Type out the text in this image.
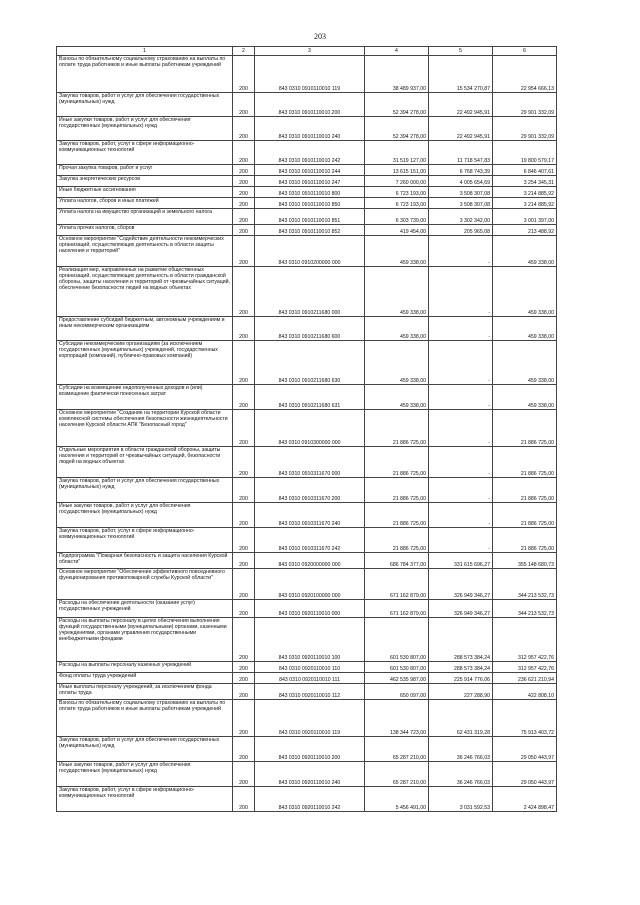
203
1	2	3	4	5	6
Взносы по обязательному социальному страхованию на выплаты по оплате труда работников и иные выплаты работникам учреждений	200	843 0310 0910110010 119	38 489 937,00	15 534 270,87	22 954 666,13
Закупка товаров, работ и услуг для обеспечения государственных (муниципальных) нужд	200	843 0310 0910110010 200	52 394 278,00	22 492 945,91	29 901 332,09
Иные закупки товаров, работ и услуг для обеспечения государственных (муниципальных) нужд	200	843 0310 0910110010 240	52 394 278,00	22 492 945,91	29 901 332,09
Закупка товаров, работ, услуг в сфере информационно-коммуникационных технологий	200	843 0310 0910110010 242	31 519 127,00	11 718 547,83	19 800 579,17
Прочая закупка товаров, работ и услуг	200	843 0310 0910110010 244	13 615 151,00	6 768 743,39	6 846 407,61
Закупка энергетических ресурсов	200	843 0310 0910110010 247	7 260 000,00	4 005 654,69	3 254 345,31
Иные бюджетные ассигнования	200	843 0310 0910110010 800	6 723 193,00	3 508 307,08	3 214 885,92
Уплата налогов, сборов и иных платежей	200	843 0310 0910110010 850	6 723 193,00	3 508 307,08	3 214 885,92
Уплата налога на имущество организаций и земельного налога	200	843 0310 0910110010 851	6 303 739,00	3 302 342,00	3 001 397,00
Уплата прочих налогов, сборов	200	843 0310 0910110010 852	419 454,00	205 965,08	213 488,92
Основное мероприятие "Содействие деятельности некоммерческих организаций, осуществляющих деятельность в области защиты населения и территорий"	200	843 0310 0910200000 000	459 338,00	-	459 338,00
Реализация мер, направленных на развитие общественных организаций, осуществляющих деятельность в области гражданской обороны, защиты населения и территорий от чрезвычайных ситуаций, обеспечение безопасности людей на водных объектах	200	843 0310 0910211680 000	459 338,00	-	459 338,00
Предоставление субсидий бюджетным, автономным учреждениям и иным некоммерческим организациям	200	843 0310 0910211680 600	459 338,00	-	459 338,00
Субсидии некоммерческим организациям (за исключением государственных (муниципальных) учреждений, государственных корпораций (компаний), публично-правовых компаний)	200	843 0310 0910211680 630	459 338,00	-	459 338,00
Субсидии на возмещение недополученных доходов и (или) возмещение фактически понесенных затрат	200	843 0310 0910211680 631	459 338,00	-	459 338,00
Основное мероприятие "Создание на территории Курской области комплексной системы обеспечения безопасности жизнедеятельности населения Курской области АПК "Безопасный город"	200	843 0310 0910300000 000	21 886 725,00	-	21 886 725,00
Отдельные мероприятия в области гражданской обороны, защиты населения и территорий от чрезвычайных ситуаций, безопасности людей на водных объектах	200	843 0310 0910311670 000	21 886 725,00	-	21 886 725,00
Закупка товаров, работ и услуг для обеспечения государственных (муниципальных) нужд	200	843 0310 0910311670 200	21 886 725,00	-	21 886 725,00
Иные закупки товаров, работ и услуг для обеспечения государственных (муниципальных) нужд	200	843 0310 0910311670 240	21 886 725,00	-	21 886 725,00
Закупка товаров, работ, услуг в сфере информационно-коммуникационных технологий	200	843 0310 0910311670 242	21 886 725,00	-	21 886 725,00
Подпрограмма "Пожарная безопасность и защита населения Курской области"	200	843 0310 0920000000 000	686 784 377,00	331 615 696,27	355 148 680,73
Основное мероприятие "Обеспечение эффективного повседневного функционирования противопожарной службы Курской области"	200	843 0310 0920100000 000	671 162 879,00	326 949 346,27	344 213 532,73
Расходы на обеспечение деятельности (оказание услуг) государственных учреждений	200	843 0310 0920110010 000	671 162 879,00	326 949 346,27	344 213 532,73
Расходы на выплаты персоналу в целях обеспечения выполнения функций государственными (муниципальными) органами, казенными учреждениями, органами управления государственными внебюджетными фондами	200	843 0310 0920110010 100	601 530 807,00	288 573 384,24	312 957 422,76
Расходы на выплаты персоналу казенных учреждений	200	843 0310 0920110010 110	601 530 807,00	288 573 384,24	312 957 422,76
Фонд оплаты труда учреждений	200	843 0310 0920110010 111	462 535 987,00	225 914 776,06	236 621 210,94
Иные выплаты персоналу учреждений, за исключением фонда оплаты труда	200	843 0310 0920110010 112	650 097,00	227 288,90	422 808,10
Взносы по обязательному социальному страхованию на выплаты по оплате труда работников и иные выплаты работникам учреждений	200	843 0310 0920110010 119	138 344 723,00	62 431 319,28	75 913 403,72
Закупка товаров, работ и услуг для обеспечения государственных (муниципальных) нужд	200	843 0310 0920110010 200	65 287 210,00	36 246 766,03	29 050 443,97
Иные закупки товаров, работ и услуг для обеспечения государственных (муниципальных) нужд	200	843 0310 0920110010 240	65 287 210,00	36 246 766,03	29 050 443,97
Закупка товаров, работ, услуг в сфере информационно-коммуникационных технологий	200	843 0310 0920110010 242	5 456 491,00	3 031 592,53	2 424 898,47
